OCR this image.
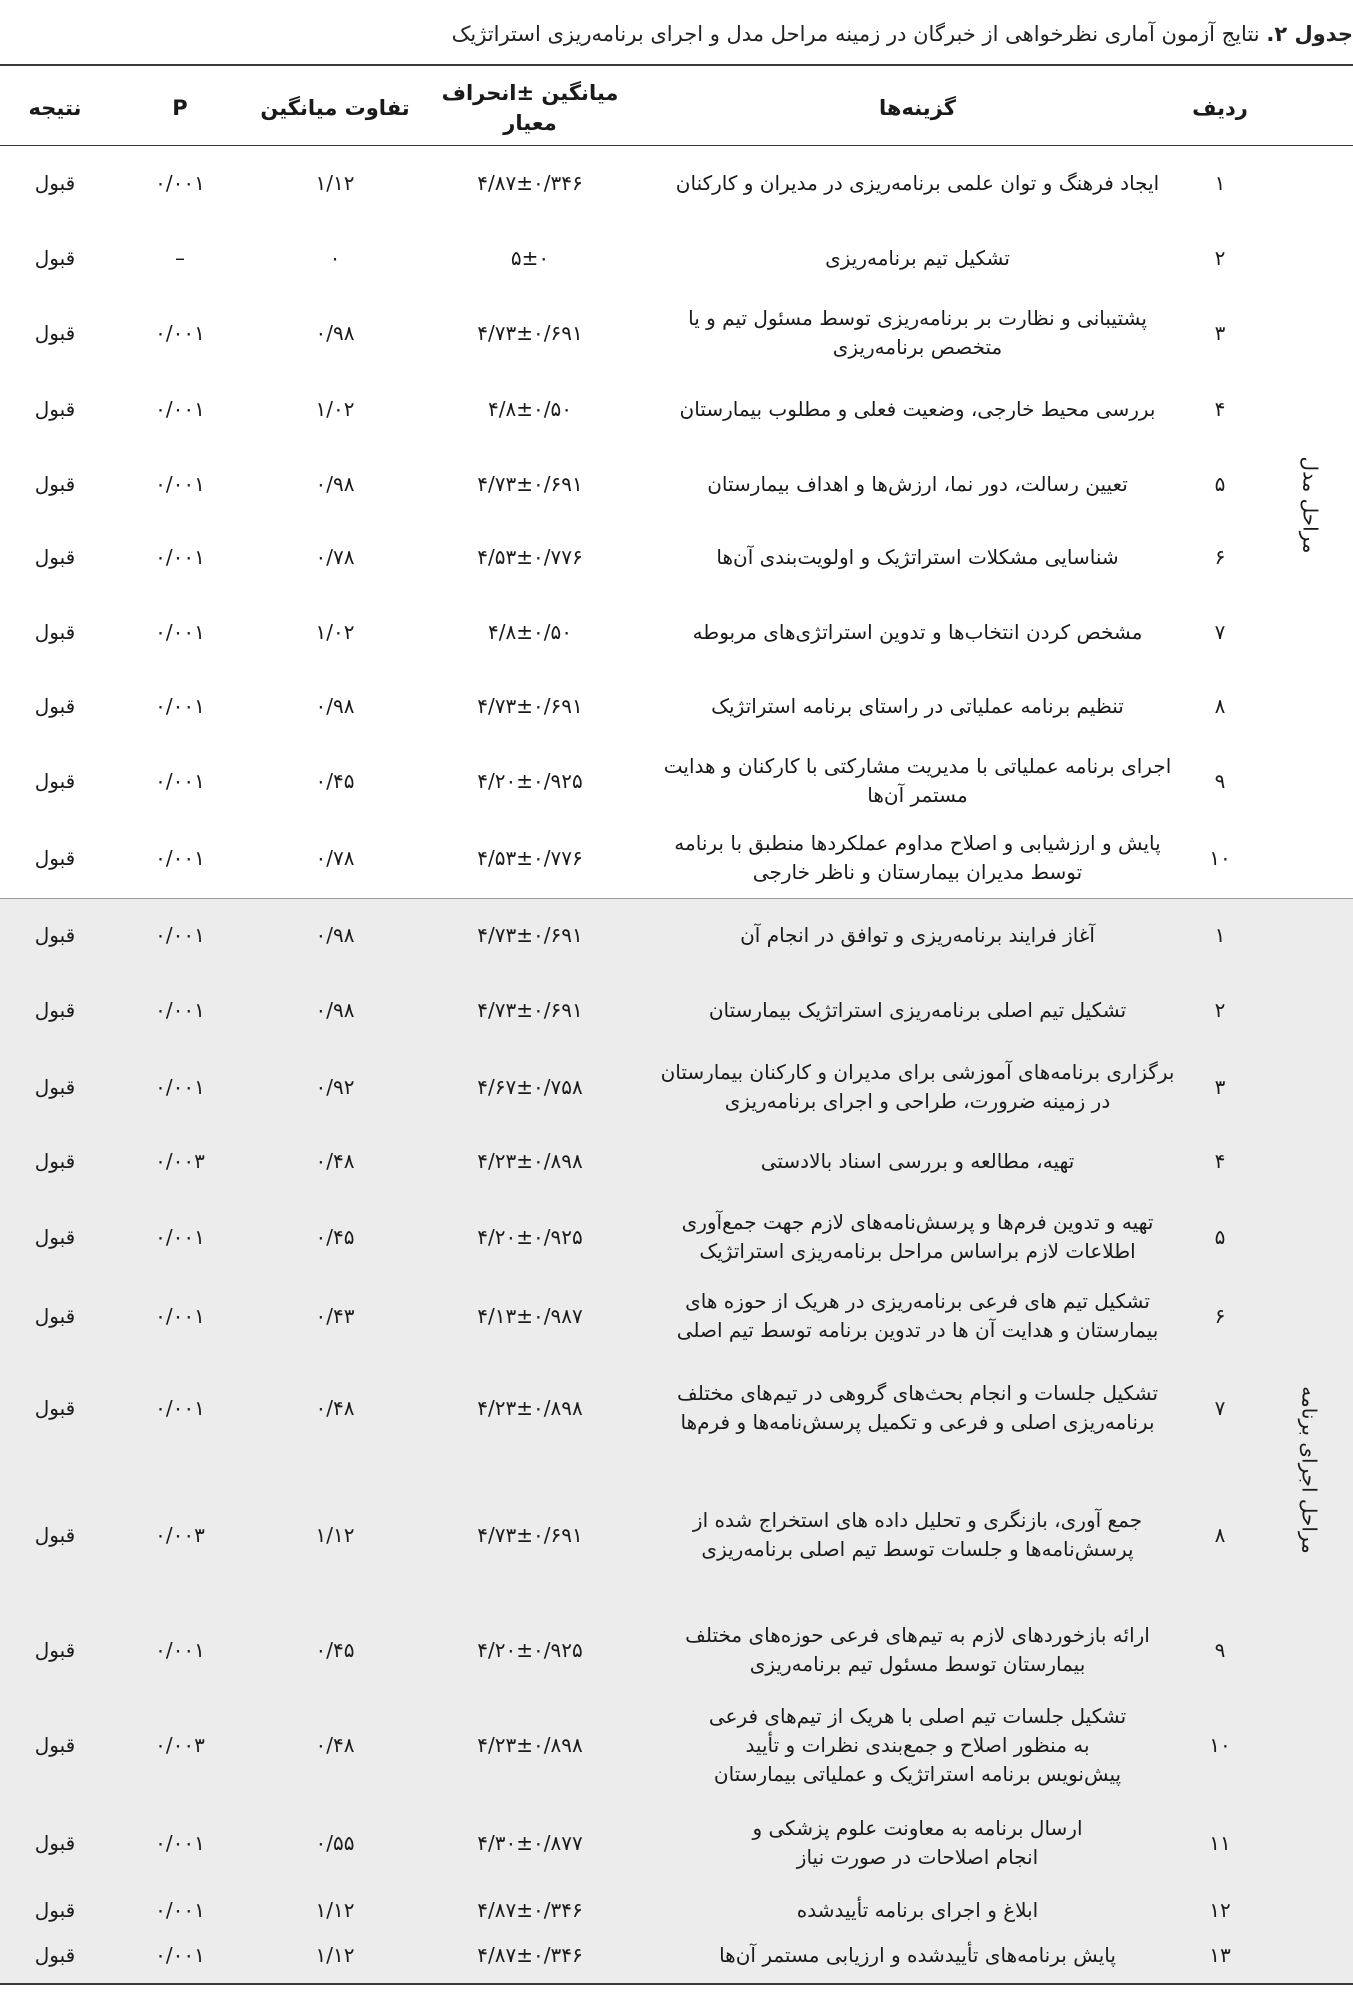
جدول ۲. نتایج آزمون آماری نظرخواهی از خبرگان در زمینه مراحل مدل و اجرای برنامه‌ریزی استراتژیک
ردیف
گزینه‌ها
میانگین ±انحراف معیار
تفاوت میانگین
P
نتیجه
مراحل مدل
۱
ایجاد فرهنگ و توان علمی برنامه‌ریزی در مدیران و کارکنان
۴/۸۷±۰/۳۴۶
۱/۱۲
۰/۰۰۱
قبول
۲
تشکیل تیم برنامه‌ریزی
۵±۰
۰
–
قبول
۳
پشتیبانی و نظارت بر برنامه‌ریزی توسط مسئول تیم و یا
متخصص برنامه‌ریزی
۴/۷۳±۰/۶۹۱
۰/۹۸
۰/۰۰۱
قبول
۴
بررسی محیط خارجی، وضعیت فعلی و مطلوب بیمارستان
۴/۸±۰/۵۰
۱/۰۲
۰/۰۰۱
قبول
۵
تعیین رسالت، دور نما، ارزش‌ها و اهداف بیمارستان
۴/۷۳±۰/۶۹۱
۰/۹۸
۰/۰۰۱
قبول
۶
شناسایی مشکلات استراتژیک و اولویت‌بندی آن‌ها
۴/۵۳±۰/۷۷۶
۰/۷۸
۰/۰۰۱
قبول
۷
مشخص کردن انتخاب‌ها و تدوین استراتژی‌های مربوطه
۴/۸±۰/۵۰
۱/۰۲
۰/۰۰۱
قبول
۸
تنظیم برنامه عملیاتی در راستای برنامه استراتژیک
۴/۷۳±۰/۶۹۱
۰/۹۸
۰/۰۰۱
قبول
۹
اجرای برنامه عملیاتی با مدیریت مشارکتی با کارکنان و هدایت
مستمر آن‌ها
۴/۲۰±۰/۹۲۵
۰/۴۵
۰/۰۰۱
قبول
۱۰
پایش و ارزشیابی و اصلاح مداوم عملکردها منطبق با برنامه
توسط مدیران بیمارستان و ناظر خارجی
۴/۵۳±۰/۷۷۶
۰/۷۸
۰/۰۰۱
قبول
مراحل اجرای برنامه
۱
آغاز فرایند برنامه‌ریزی و توافق در انجام آن
۴/۷۳±۰/۶۹۱
۰/۹۸
۰/۰۰۱
قبول
۲
تشکیل تیم اصلی برنامه‌ریزی استراتژیک بیمارستان
۴/۷۳±۰/۶۹۱
۰/۹۸
۰/۰۰۱
قبول
۳
برگزاری برنامه‌های آموزشی برای مدیران و کارکنان بیمارستان
در زمینه ضرورت، طراحی و اجرای برنامه‌ریزی
۴/۶۷±۰/۷۵۸
۰/۹۲
۰/۰۰۱
قبول
۴
تهیه، مطالعه و بررسی اسناد بالادستی
۴/۲۳±۰/۸۹۸
۰/۴۸
۰/۰۰۳
قبول
۵
تهیه و تدوین فرم‌ها و پرسش‌نامه‌های لازم جهت جمع‌آوری
اطلاعات لازم براساس مراحل برنامه‌ریزی استراتژیک
۴/۲۰±۰/۹۲۵
۰/۴۵
۰/۰۰۱
قبول
۶
تشکیل تیم های فرعی برنامه‌ریزی در هریک از حوزه های
بیمارستان و هدایت آن ها در تدوین برنامه توسط تیم اصلی
۴/۱۳±۰/۹۸۷
۰/۴۳
۰/۰۰۱
قبول
۷
تشکیل جلسات و انجام بحث‌های گروهی در تیم‌های مختلف
برنامه‌ریزی اصلی و فرعی و تکمیل پرسش‌نامه‌ها و فرم‌ها
۴/۲۳±۰/۸۹۸
۰/۴۸
۰/۰۰۱
قبول
۸
جمع آوری، بازنگری و تحلیل داده های استخراج شده از
پرسش‌نامه‌ها و جلسات توسط تیم اصلی برنامه‌ریزی
۴/۷۳±۰/۶۹۱
۱/۱۲
۰/۰۰۳
قبول
۹
ارائه بازخوردهای لازم به تیم‌های فرعی حوزه‌های مختلف
بیمارستان توسط مسئول تیم برنامه‌ریزی
۴/۲۰±۰/۹۲۵
۰/۴۵
۰/۰۰۱
قبول
۱۰
تشکیل جلسات تیم اصلی با هریک از تیم‌های فرعی
به منظور اصلاح و جمع‌بندی نظرات و تأیید
پیش‌نویس برنامه استراتژیک و عملیاتی بیمارستان
۴/۲۳±۰/۸۹۸
۰/۴۸
۰/۰۰۳
قبول
۱۱
ارسال برنامه به معاونت علوم پزشکی و
انجام اصلاحات در صورت نیاز
۴/۳۰±۰/۸۷۷
۰/۵۵
۰/۰۰۱
قبول
۱۲
ابلاغ و اجرای برنامه تأییدشده
۴/۸۷±۰/۳۴۶
۱/۱۲
۰/۰۰۱
قبول
۱۳
پایش برنامه‌های تأییدشده و ارزیابی مستمر آن‌ها
۴/۸۷±۰/۳۴۶
۱/۱۲
۰/۰۰۱
قبول
